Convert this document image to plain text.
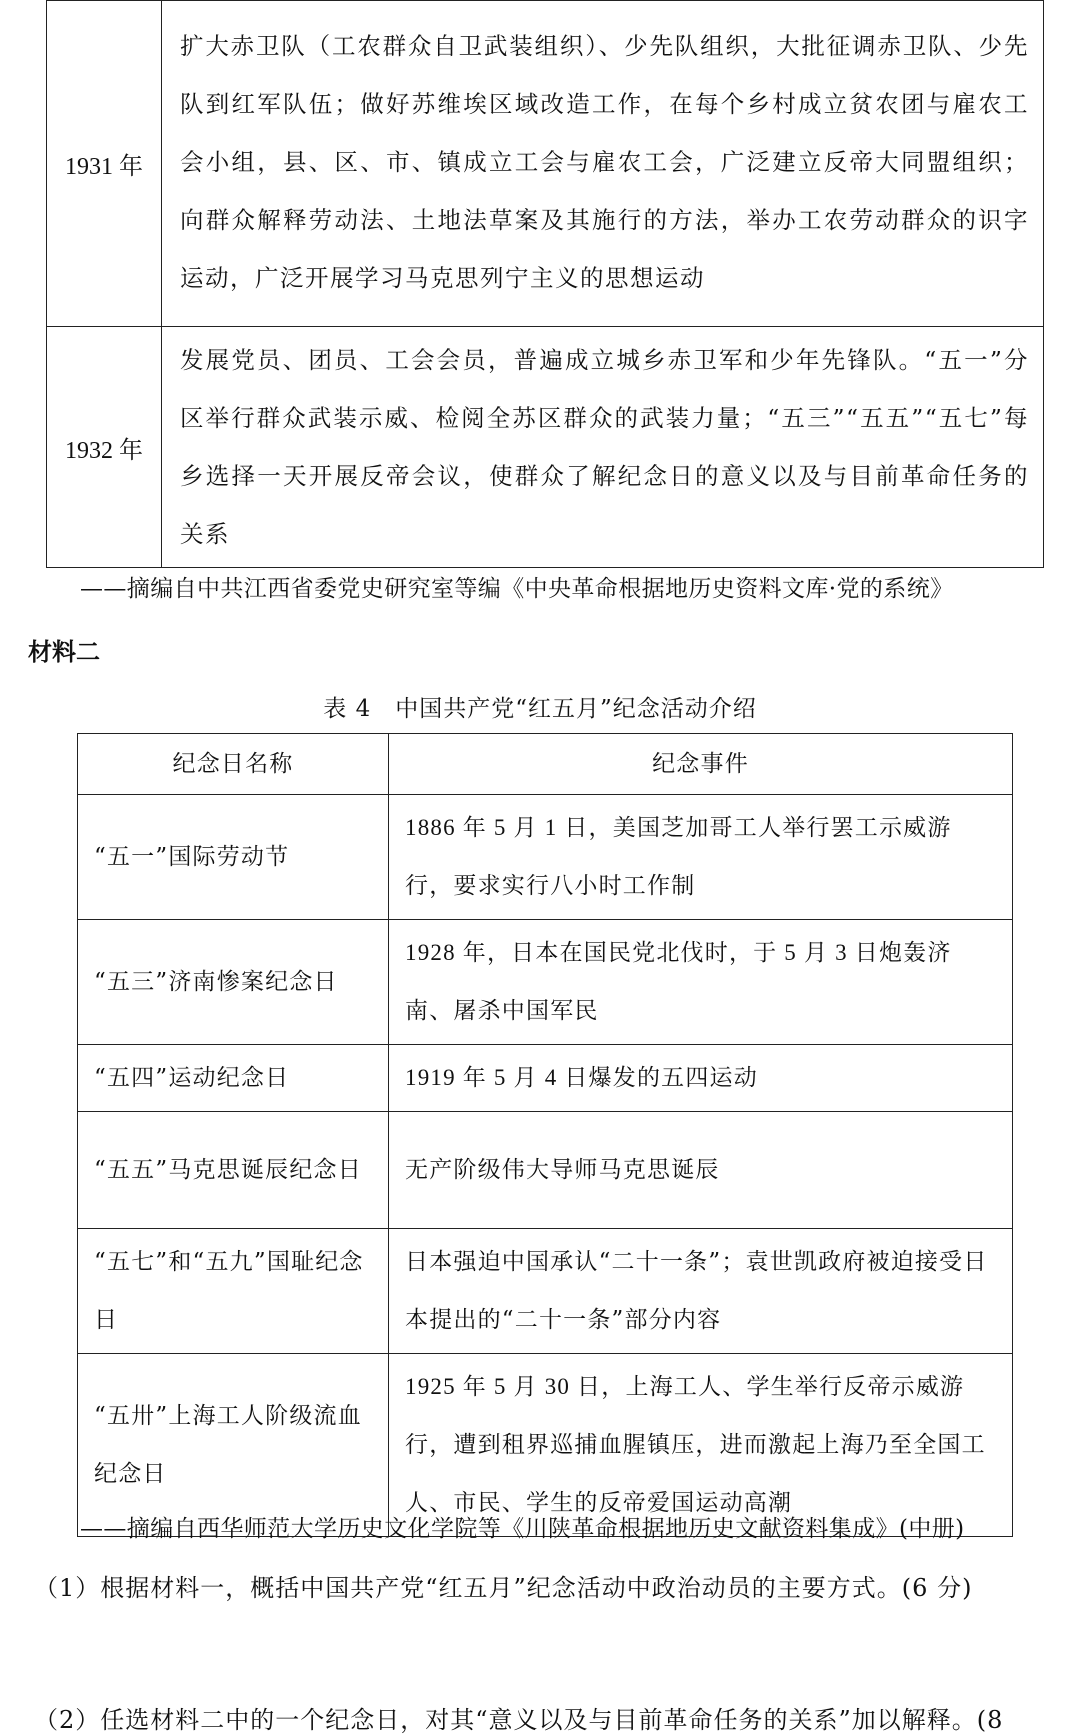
1931 年	扩大赤卫队（工农群众自卫武装组织）、少先队组织，大批征调赤卫队、少先队到红军队伍；做好苏维埃区域改造工作，在每个乡村成立贫农团与雇农工会小组，县、区、市、镇成立工会与雇农工会，广泛建立反帝大同盟组织；向群众解释劳动法、土地法草案及其施行的方法，举办工农劳动群众的识字运动，广泛开展学习马克思列宁主义的思想运动
1932 年	发展党员、团员、工会会员，普遍成立城乡赤卫军和少年先锋队。“五一”分区举行群众武装示威、检阅全苏区群众的武装力量；“五三”“五五”“五七”每乡选择一天开展反帝会议，使群众了解纪念日的意义以及与目前革命任务的关系
——摘编自中共江西省委党史研究室等编《中央革命根据地历史资料文库·党的系统》
材料二
表 4　中国共产党“红五月”纪念活动介绍
纪念日名称	纪念事件
“五一”国际劳动节	1886 年 5 月 1 日，美国芝加哥工人举行罢工示威游行，要求实行八小时工作制
“五三”济南惨案纪念日	1928 年，日本在国民党北伐时，于 5 月 3 日炮轰济南、屠杀中国军民
“五四”运动纪念日	1919 年 5 月 4 日爆发的五四运动
“五五”马克思诞辰纪念日	无产阶级伟大导师马克思诞辰
“五七”和“五九”国耻纪念日	日本强迫中国承认“二十一条”；袁世凯政府被迫接受日本提出的“二十一条”部分内容
“五卅”上海工人阶级流血纪念日	1925 年 5 月 30 日，上海工人、学生举行反帝示威游行，遭到租界巡捕血腥镇压，进而激起上海乃至全国工人、市民、学生的反帝爱国运动高潮
——摘编自西华师范大学历史文化学院等《川陕革命根据地历史文献资料集成》(中册)
（1）根据材料一，概括中国共产党“红五月”纪念活动中政治动员的主要方式。(6 分)
（2）任选材料二中的一个纪念日，对其“意义以及与目前革命任务的关系”加以解释。(8
